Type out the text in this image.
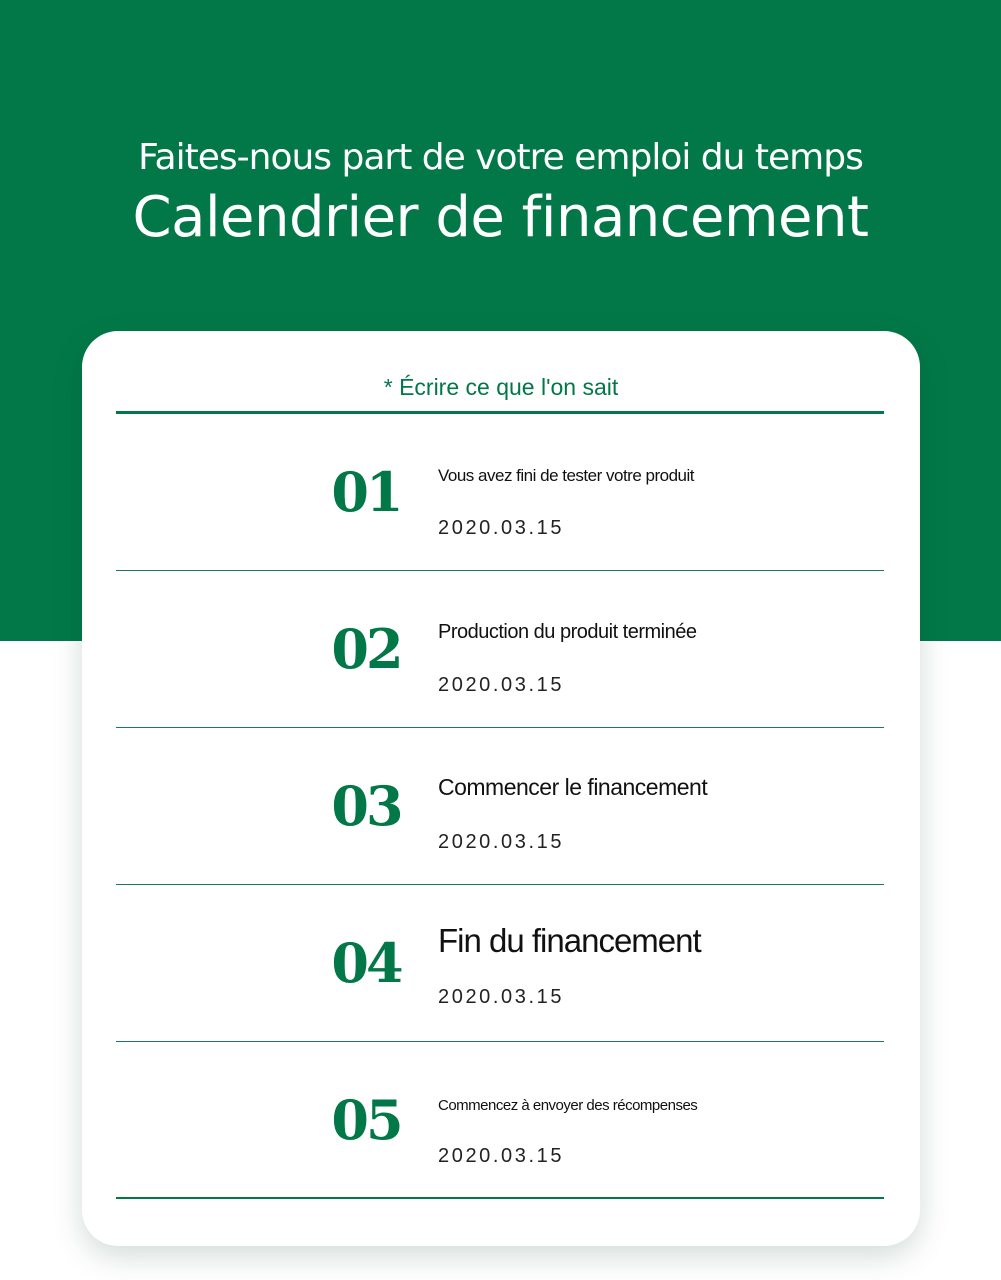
Faites-nous part de votre emploi du temps
Calendrier de financement
* Écrire ce que l'on sait
01	Vous avez fini de tester votre produit
2020.03.15
02	Production du produit terminée
2020.03.15
03	Commencer le financement
2020.03.15
04	Fin du financement
2020.03.15
05	Commencez à envoyer des récompenses
2020.03.15
